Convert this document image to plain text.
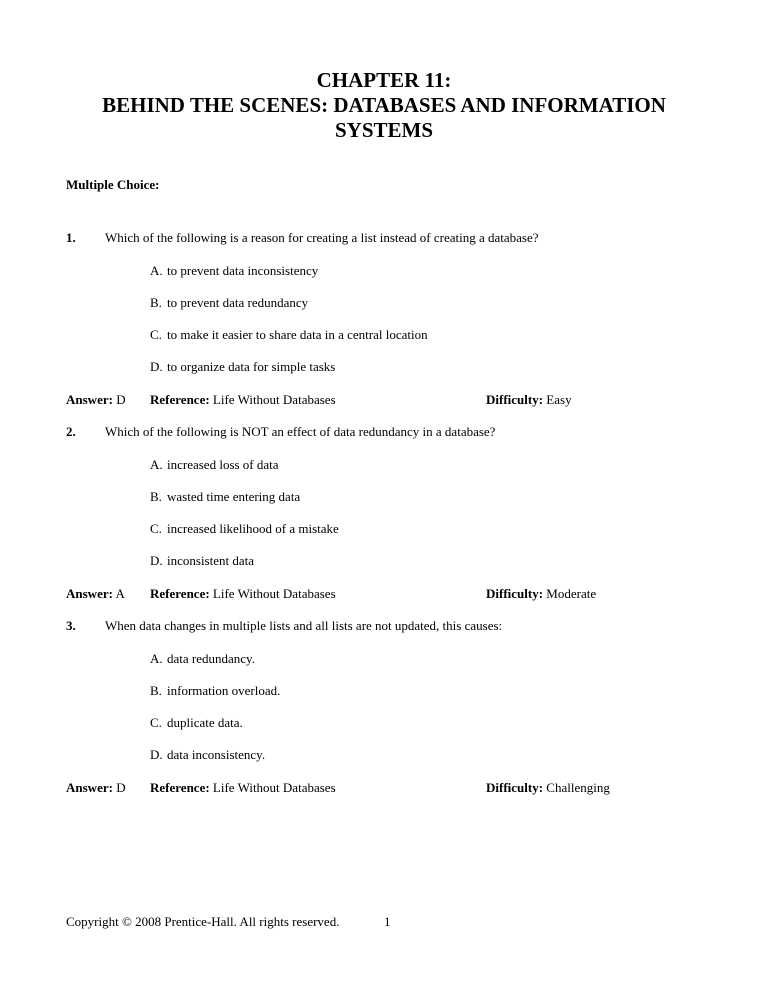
CHAPTER 11:
BEHIND THE SCENES: DATABASES AND INFORMATION
SYSTEMS
Multiple Choice:
1. Which of the following is a reason for creating a list instead of creating a database?
A. to prevent data inconsistency
B. to prevent data redundancy
C. to make it easier to share data in a central location
D. to organize data for simple tasks
Answer: D Reference: Life Without Databases	Difficulty: Easy
2. Which of the following is NOT an effect of data redundancy in a database?
A. increased loss of data
B. wasted time entering data
C. increased likelihood of a mistake
D. inconsistent data
Answer: A Reference: Life Without Databases	Difficulty: Moderate
3. When data changes in multiple lists and all lists are not updated, this causes:
A. data redundancy.
B. information overload.
C. duplicate data.
D. data inconsistency.
Answer: D Reference: Life Without Databases	Difficulty: Challenging
Copyright © 2008 Prentice-Hall. All rights reserved.	1
